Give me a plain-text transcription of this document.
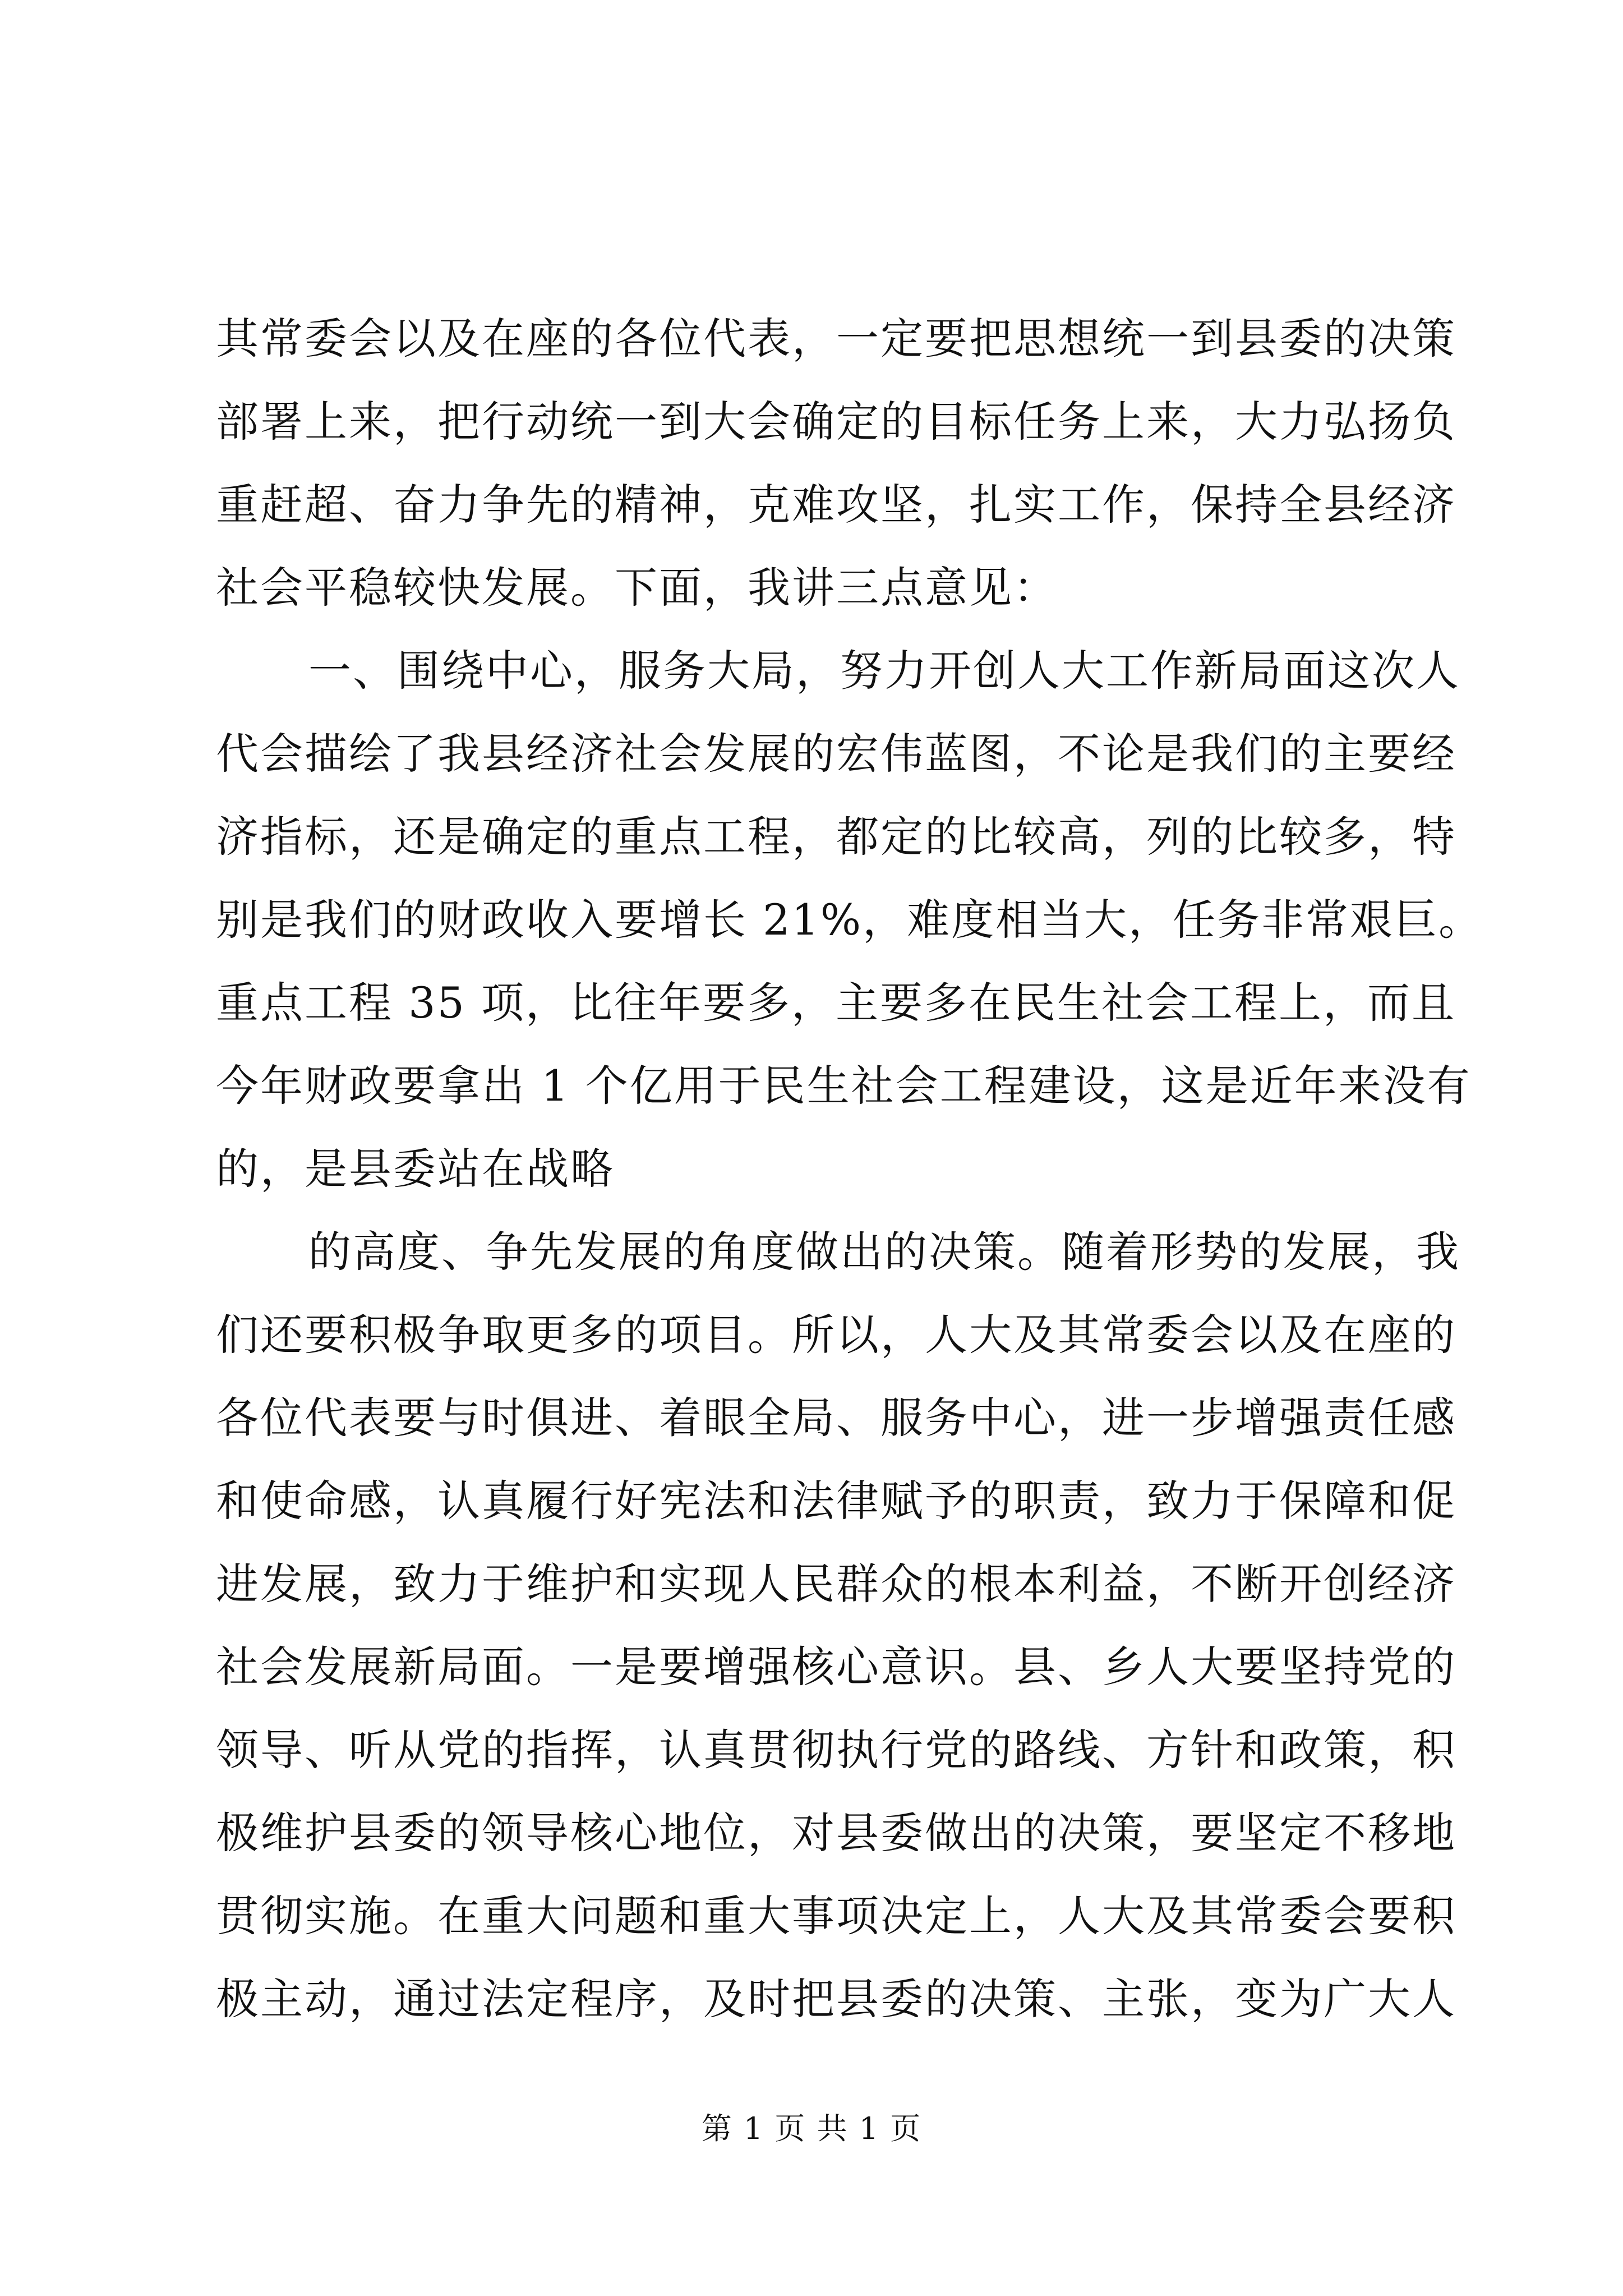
其常委会以及在座的各位代表，一定要把思想统一到县委的决策
部署上来，把行动统一到大会确定的目标任务上来，大力弘扬负
重赶超、奋力争先的精神，克难攻坚，扎实工作，保持全县经济
社会平稳较快发展。下面，我讲三点意见：
一、围绕中心，服务大局，努力开创人大工作新局面这次人
代会描绘了我县经济社会发展的宏伟蓝图，不论是我们的主要经
济指标，还是确定的重点工程，都定的比较高，列的比较多，特
别是我们的财政收入要增长 21%，难度相当大，任务非常艰巨。
重点工程 35 项，比往年要多，主要多在民生社会工程上，而且
今年财政要拿出 1 个亿用于民生社会工程建设，这是近年来没有
的，是县委站在战略
的高度、争先发展的角度做出的决策。随着形势的发展，我
们还要积极争取更多的项目。所以，人大及其常委会以及在座的
各位代表要与时俱进、着眼全局、服务中心，进一步增强责任感
和使命感，认真履行好宪法和法律赋予的职责，致力于保障和促
进发展，致力于维护和实现人民群众的根本利益，不断开创经济
社会发展新局面。一是要增强核心意识。县、乡人大要坚持党的
领导、听从党的指挥，认真贯彻执行党的路线、方针和政策，积
极维护县委的领导核心地位，对县委做出的决策，要坚定不移地
贯彻实施。在重大问题和重大事项决定上，人大及其常委会要积
极主动，通过法定程序，及时把县委的决策、主张，变为广大人
第 1 页 共 1 页
